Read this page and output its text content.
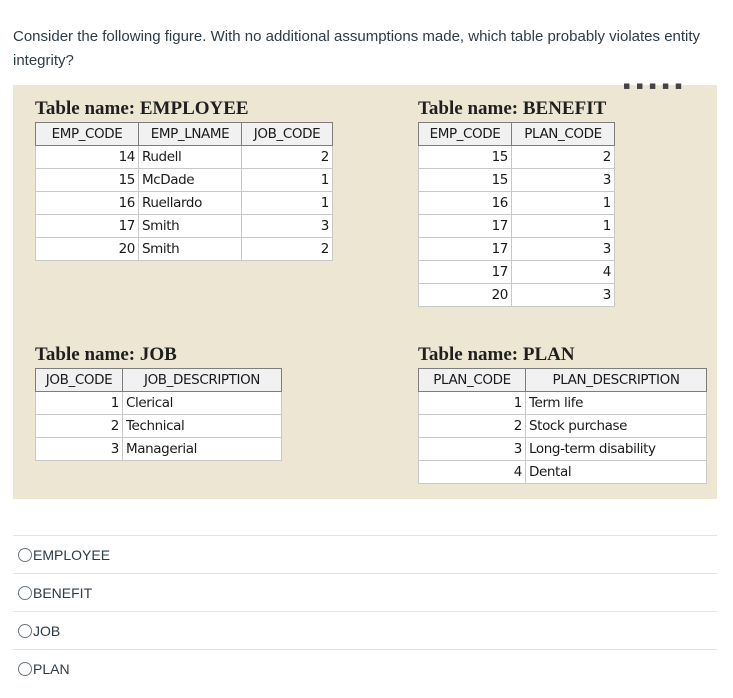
Consider the following figure. With no additional assumptions made, which table probably violates entity integrity?
▪ ▪ ▪ ▪ ▪
Table name: EMPLOYEE
EMP_CODE	EMP_LNAME	JOB_CODE
14	Rudell	2
15	McDade	1
16	Ruellardo	1
17	Smith	3
20	Smith	2
Table name: BENEFIT
EMP_CODE	PLAN_CODE
15	2
15	3
16	1
17	1
17	3
17	4
20	3
Table name: JOB
JOB_CODE	JOB_DESCRIPTION
1	Clerical
2	Technical
3	Managerial
Table name: PLAN
PLAN_CODE	PLAN_DESCRIPTION
1	Term life
2	Stock purchase
3	Long-term disability
4	Dental
EMPLOYEE
BENEFIT
JOB
PLAN
